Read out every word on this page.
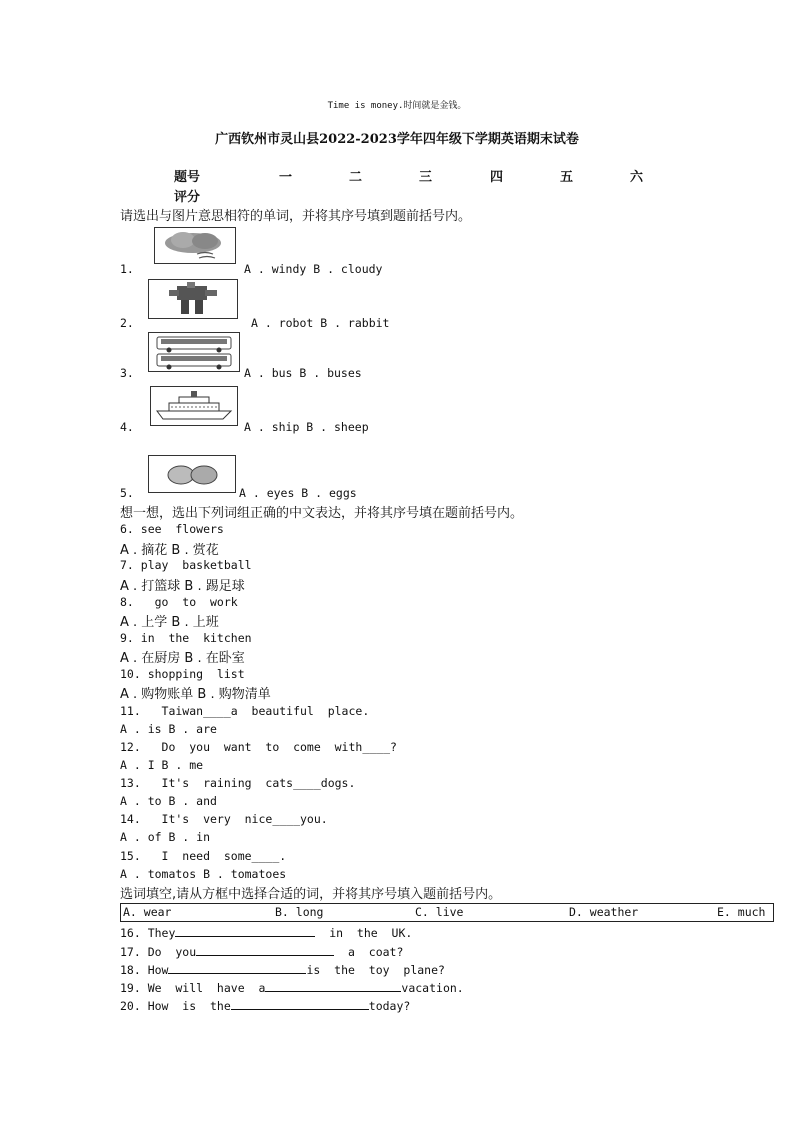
Time is money.时间就是金钱。
广西钦州市灵山县2022-2023学年四年级下学期英语期末试卷
题号	一	二	三	四	五	六
评分
请选出与图片意思相符的单词，并将其序号填到题前括号内。
1.	A . windy B . cloudy
2.	A . robot B . rabbit
3.	A . bus B . buses
4.	A . ship B . sheep
5.	A . eyes B . eggs
想一想，选出下列词组正确的中文表达，并将其序号填在题前括号内。
6. see  flowers
A . 摘花 B . 赏花
7. play  basketball
A . 打篮球 B . 踢足球
8.   go  to  work
A . 上学 B . 上班
9. in  the  kitchen
A . 在厨房 B . 在卧室
10. shopping  list
A . 购物账单 B . 购物清单
11.   Taiwan____a  beautiful  place.
A . is B . are
12.   Do  you  want  to  come  with____?
A . I B . me
13.   It's  raining  cats____dogs.
A . to B . and
14.   It's  very  nice____you.
A . of B . in
15.   I  need  some____.
A . tomatos B . tomatoes
选词填空,请从方框中选择合适的词，并将其序号填入题前括号内。
A. wear	B. long	C. live	D. weather	E. much
16. They	in  the  UK.
17. Do  you	a  coat?
18. How	is  the  toy  plane?
19. We  will  have  a	vacation.
20. How  is  the	today?
